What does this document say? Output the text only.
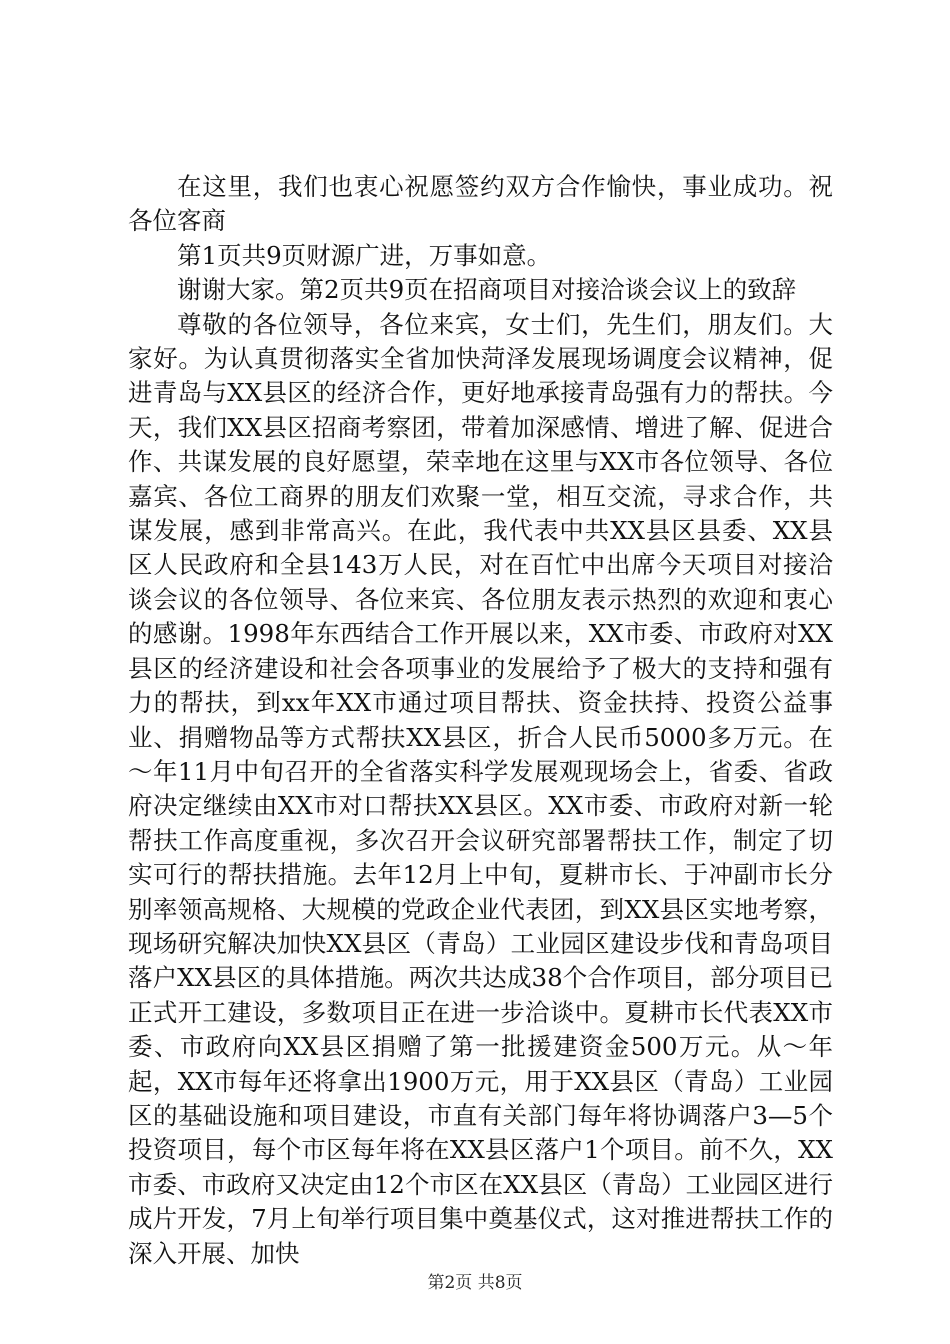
在这里，我们也衷心祝愿签约双方合作愉快，事业成功。祝各位客商

第1页共9页财源广进，万事如意。

谢谢大家。第2页共9页在招商项目对接洽谈会议上的致辞

尊敬的各位领导，各位来宾，女士们，先生们，朋友们。大家好。为认真贯彻落实全省加快菏泽发展现场调度会议精神，促进青岛与XX县区的经济合作，更好地承接青岛强有力的帮扶。今天，我们XX县区招商考察团，带着加深感情、增进了解、促进合作、共谋发展的良好愿望，荣幸地在这里与XX市各位领导、各位嘉宾、各位工商界的朋友们欢聚一堂，相互交流，寻求合作，共谋发展，感到非常高兴。在此，我代表中共XX县区县委、XX县区人民政府和全县143万人民，对在百忙中出席今天项目对接洽谈会议的各位领导、各位来宾、各位朋友表示热烈的欢迎和衷心的感谢。1998年东西结合工作开展以来，XX市委、市政府对XX县区的经济建设和社会各项事业的发展给予了极大的支持和强有力的帮扶，到xx年XX市通过项目帮扶、资金扶持、投资公益事业、捐赠物品等方式帮扶XX县区，折合人民币5000多万元。在～年11月中旬召开的全省落实科学发展观现场会上，省委、省政府决定继续由XX市对口帮扶XX县区。XX市委、市政府对新一轮帮扶工作高度重视，多次召开会议研究部署帮扶工作，制定了切实可行的帮扶措施。去年12月上中旬，夏耕市长、于冲副市长分别率领高规格、大规模的党政企业代表团，到XX县区实地考察，现场研究解决加快XX县区（青岛）工业园区建设步伐和青岛项目落户XX县区的具体措施。两次共达成38个合作项目，部分项目已正式开工建设，多数项目正在进一步洽谈中。夏耕市长代表XX市委、市政府向XX县区捐赠了第一批援建资金500万元。从～年起，XX市每年还将拿出1900万元，用于XX县区（青岛）工业园区的基础设施和项目建设，市直有关部门每年将协调落户3—5个投资项目，每个市区每年将在XX县区落户1个项目。前不久，XX市委、市政府又决定由12个市区在XX县区（青岛）工业园区进行成片开发，7月上旬举行项目集中奠基仪式，这对推进帮扶工作的深入开展、加快

第2页 共8页
